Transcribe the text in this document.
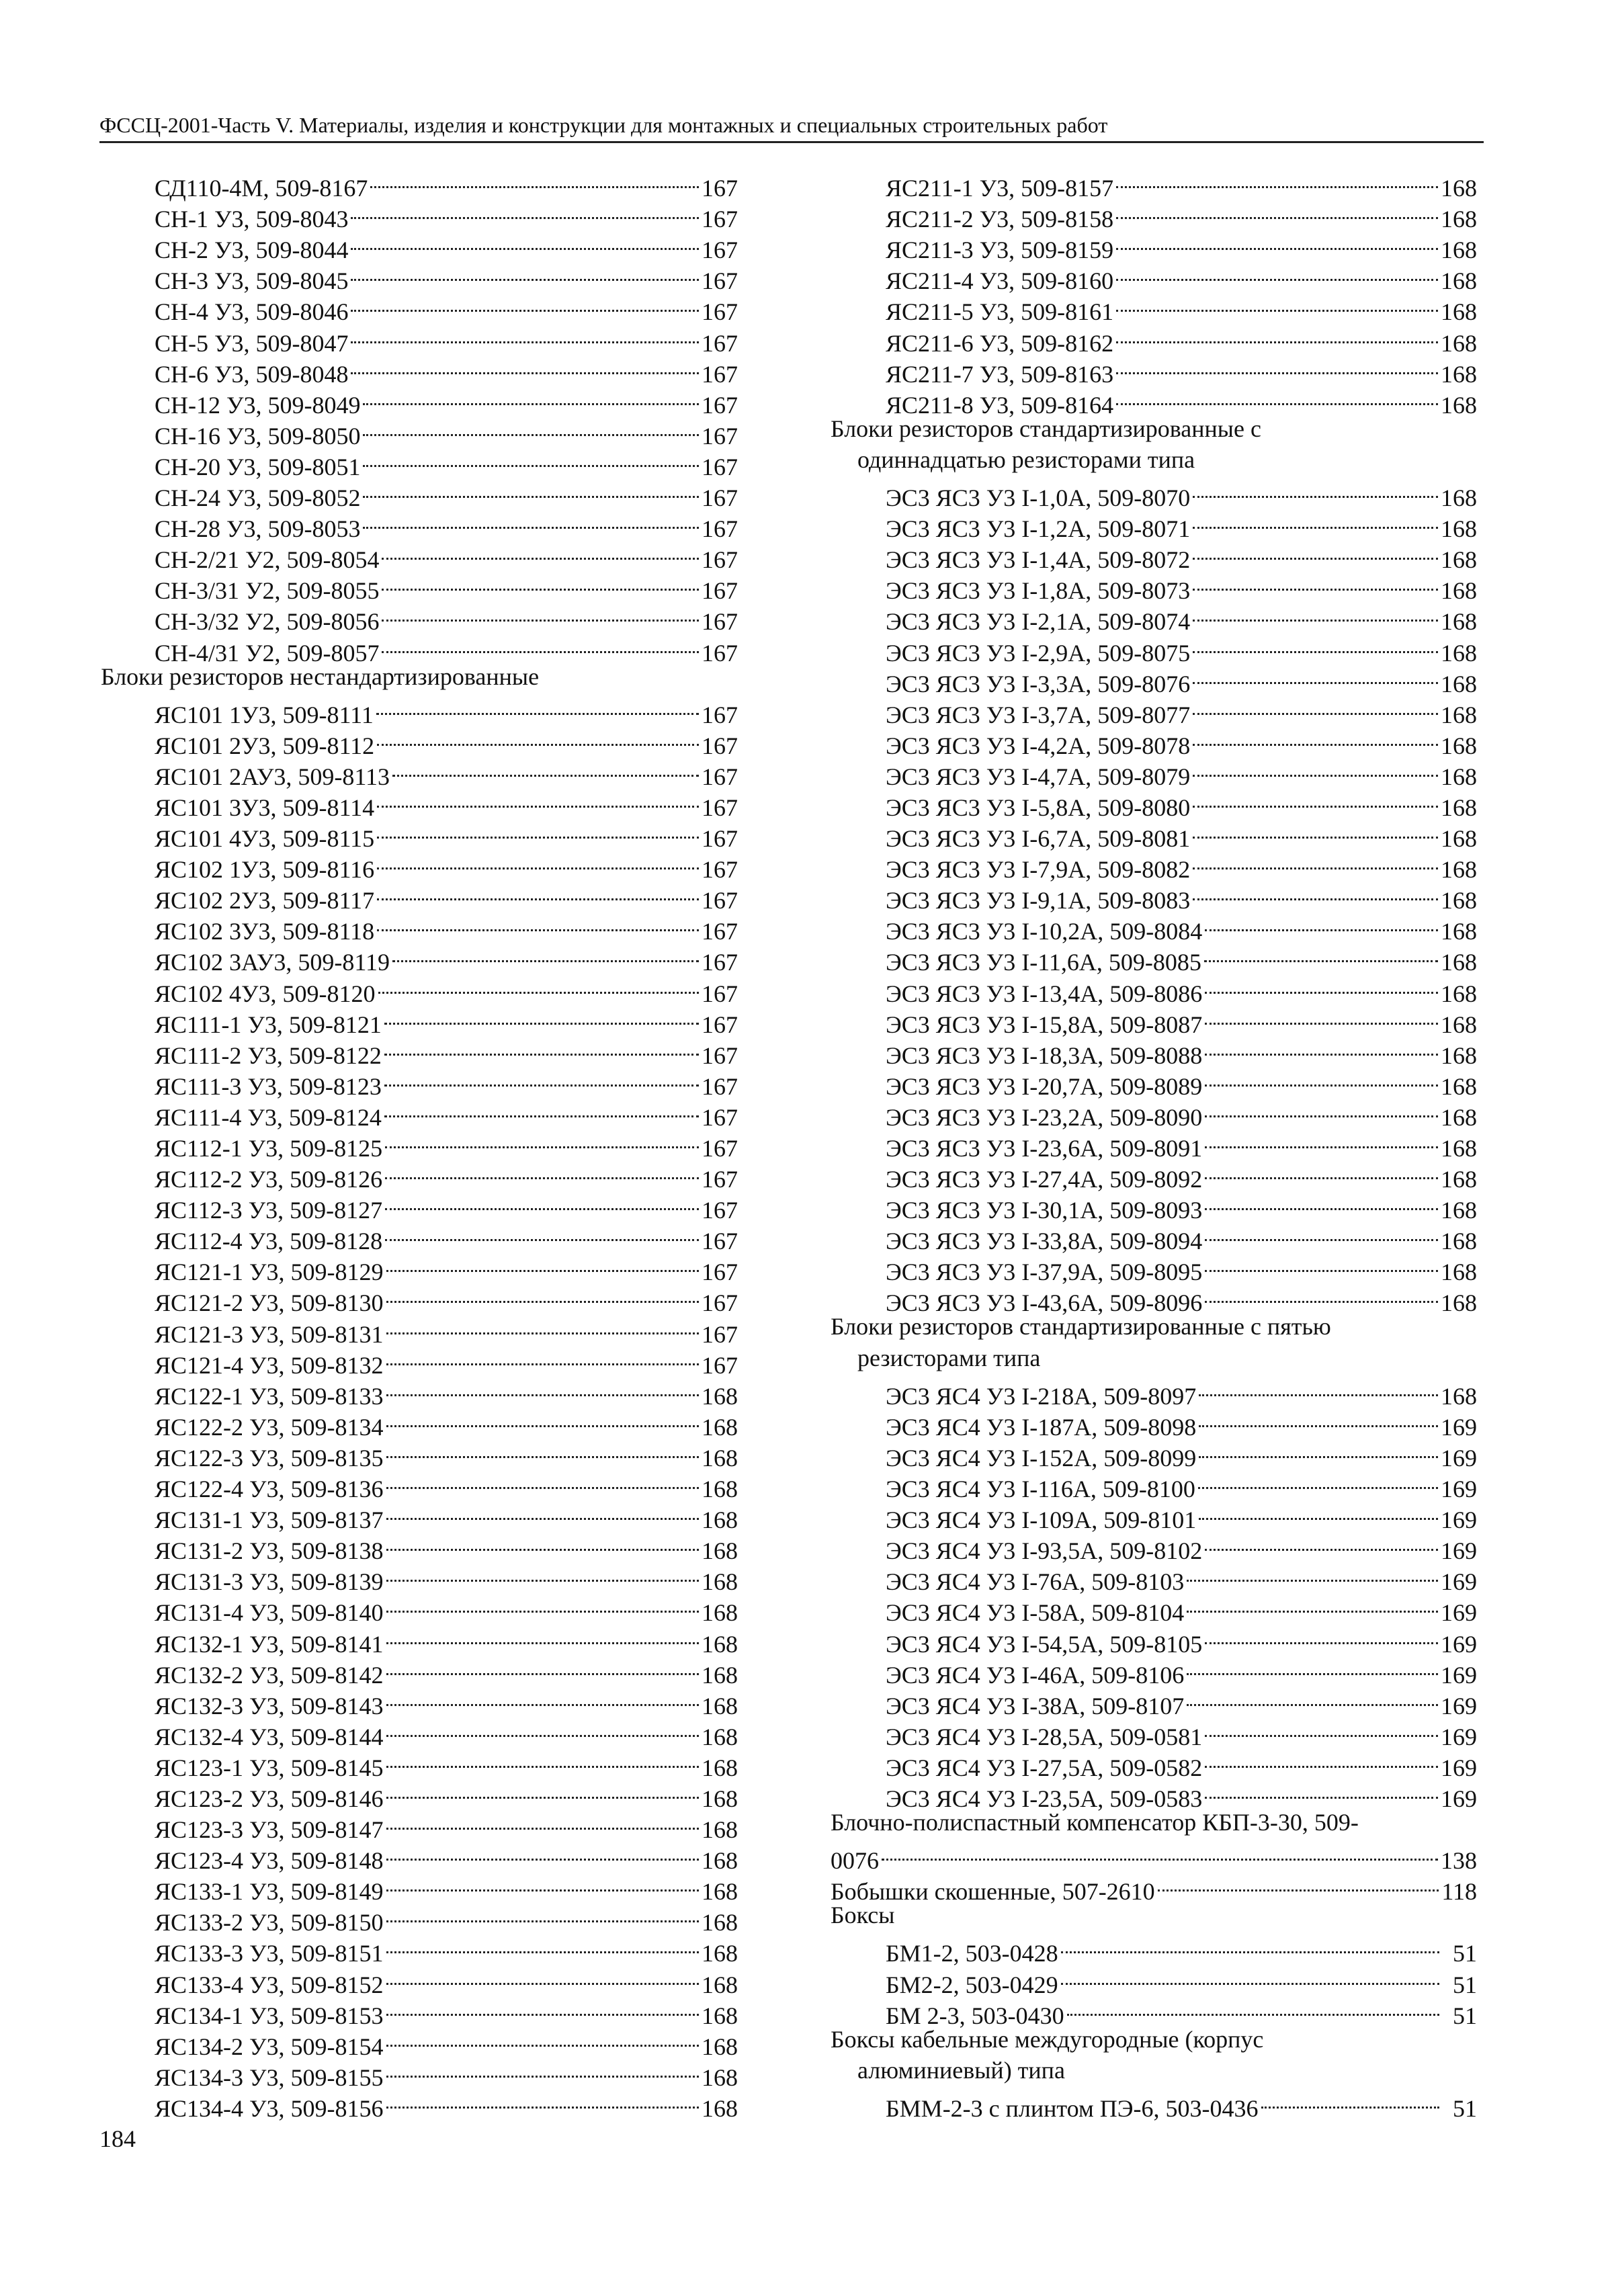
ФССЦ-2001-Часть V. Материалы, изделия и конструкции для монтажных и специальных строительных работ
СД110-4М, 509-8167	167
СН-1 У3, 509-8043	167
СН-2 У3, 509-8044	167
СН-3 У3, 509-8045	167
СН-4 У3, 509-8046	167
СН-5 У3, 509-8047	167
СН-6 У3, 509-8048	167
СН-12 У3, 509-8049	167
СН-16 У3, 509-8050	167
СН-20 У3, 509-8051	167
СН-24 У3, 509-8052	167
СН-28 У3, 509-8053	167
СН-2/21 У2, 509-8054	167
СН-3/31 У2, 509-8055	167
СН-3/32 У2, 509-8056	167
СН-4/31 У2, 509-8057	167
Блоки резисторов нестандартизированные
ЯС101 1У3, 509-8111	167
ЯС101 2У3, 509-8112	167
ЯС101 2АУ3, 509-8113	167
ЯС101 3У3, 509-8114	167
ЯС101 4У3, 509-8115	167
ЯС102 1У3, 509-8116	167
ЯС102 2У3, 509-8117	167
ЯС102 3У3, 509-8118	167
ЯС102 3АУ3, 509-8119	167
ЯС102 4У3, 509-8120	167
ЯС111-1 У3, 509-8121	167
ЯС111-2 У3, 509-8122	167
ЯС111-3 У3, 509-8123	167
ЯС111-4 У3, 509-8124	167
ЯС112-1 У3, 509-8125	167
ЯС112-2 У3, 509-8126	167
ЯС112-3 У3, 509-8127	167
ЯС112-4 У3, 509-8128	167
ЯС121-1 У3, 509-8129	167
ЯС121-2 У3, 509-8130	167
ЯС121-3 У3, 509-8131	167
ЯС121-4 У3, 509-8132	167
ЯС122-1 У3, 509-8133	168
ЯС122-2 У3, 509-8134	168
ЯС122-3 У3, 509-8135	168
ЯС122-4 У3, 509-8136	168
ЯС131-1 У3, 509-8137	168
ЯС131-2 У3, 509-8138	168
ЯС131-3 У3, 509-8139	168
ЯС131-4 У3, 509-8140	168
ЯС132-1 У3, 509-8141	168
ЯС132-2 У3, 509-8142	168
ЯС132-3 У3, 509-8143	168
ЯС132-4 У3, 509-8144	168
ЯС123-1 У3, 509-8145	168
ЯС123-2 У3, 509-8146	168
ЯС123-3 У3, 509-8147	168
ЯС123-4 У3, 509-8148	168
ЯС133-1 У3, 509-8149	168
ЯС133-2 У3, 509-8150	168
ЯС133-3 У3, 509-8151	168
ЯС133-4 У3, 509-8152	168
ЯС134-1 У3, 509-8153	168
ЯС134-2 У3, 509-8154	168
ЯС134-3 У3, 509-8155	168
ЯС134-4 У3, 509-8156	168
ЯС211-1 У3, 509-8157	168
ЯС211-2 У3, 509-8158	168
ЯС211-3 У3, 509-8159	168
ЯС211-4 У3, 509-8160	168
ЯС211-5 У3, 509-8161	168
ЯС211-6 У3, 509-8162	168
ЯС211-7 У3, 509-8163	168
ЯС211-8 У3, 509-8164	168
Блоки резисторов стандартизированные с
одиннадцатью резисторами типа
ЭС3 ЯС3 У3 I-1,0А, 509-8070	168
ЭС3 ЯС3 У3 I-1,2А, 509-8071	168
ЭС3 ЯС3 У3 I-1,4А, 509-8072	168
ЭС3 ЯС3 У3 I-1,8А, 509-8073	168
ЭС3 ЯС3 У3 I-2,1А, 509-8074	168
ЭС3 ЯС3 У3 I-2,9А, 509-8075	168
ЭС3 ЯС3 У3 I-3,3А, 509-8076	168
ЭС3 ЯС3 У3 I-3,7А, 509-8077	168
ЭС3 ЯС3 У3 I-4,2А, 509-8078	168
ЭС3 ЯС3 У3 I-4,7А, 509-8079	168
ЭС3 ЯС3 У3 I-5,8А, 509-8080	168
ЭС3 ЯС3 У3 I-6,7А, 509-8081	168
ЭС3 ЯС3 У3 I-7,9А, 509-8082	168
ЭС3 ЯС3 У3 I-9,1А, 509-8083	168
ЭС3 ЯС3 У3 I-10,2А, 509-8084	168
ЭС3 ЯС3 У3 I-11,6А, 509-8085	168
ЭС3 ЯС3 У3 I-13,4А, 509-8086	168
ЭС3 ЯС3 У3 I-15,8А, 509-8087	168
ЭС3 ЯС3 У3 I-18,3А, 509-8088	168
ЭС3 ЯС3 У3 I-20,7А, 509-8089	168
ЭС3 ЯС3 У3 I-23,2А, 509-8090	168
ЭС3 ЯС3 У3 I-23,6А, 509-8091	168
ЭС3 ЯС3 У3 I-27,4А, 509-8092	168
ЭС3 ЯС3 У3 I-30,1А, 509-8093	168
ЭС3 ЯС3 У3 I-33,8А, 509-8094	168
ЭС3 ЯС3 У3 I-37,9А, 509-8095	168
ЭС3 ЯС3 У3 I-43,6А, 509-8096	168
Блоки резисторов стандартизированные с пятью
резисторами типа
ЭС3 ЯС4 У3 I-218А, 509-8097	168
ЭС3 ЯС4 У3 I-187А, 509-8098	169
ЭС3 ЯС4 У3 I-152А, 509-8099	169
ЭС3 ЯС4 У3 I-116А, 509-8100	169
ЭС3 ЯС4 У3 I-109А, 509-8101	169
ЭС3 ЯС4 У3 I-93,5А, 509-8102	169
ЭС3 ЯС4 У3 I-76А, 509-8103	169
ЭС3 ЯС4 У3 I-58А, 509-8104	169
ЭС3 ЯС4 У3 I-54,5А, 509-8105	169
ЭС3 ЯС4 У3 I-46А, 509-8106	169
ЭС3 ЯС4 У3 I-38А, 509-8107	169
ЭС3 ЯС4 У3 I-28,5А, 509-0581	169
ЭС3 ЯС4 У3 I-27,5А, 509-0582	169
ЭС3 ЯС4 У3 I-23,5А, 509-0583	169
Блочно-полиспастный компенсатор КБП-3-30, 509-
0076	138
Бобышки скошенные, 507-2610	118
Боксы
БМ1-2, 503-0428	51
БМ2-2, 503-0429	51
БМ 2-3, 503-0430	51
Боксы кабельные междугородные (корпус
алюминиевый) типа
БММ-2-3 с плинтом ПЭ-6, 503-0436	51
184
